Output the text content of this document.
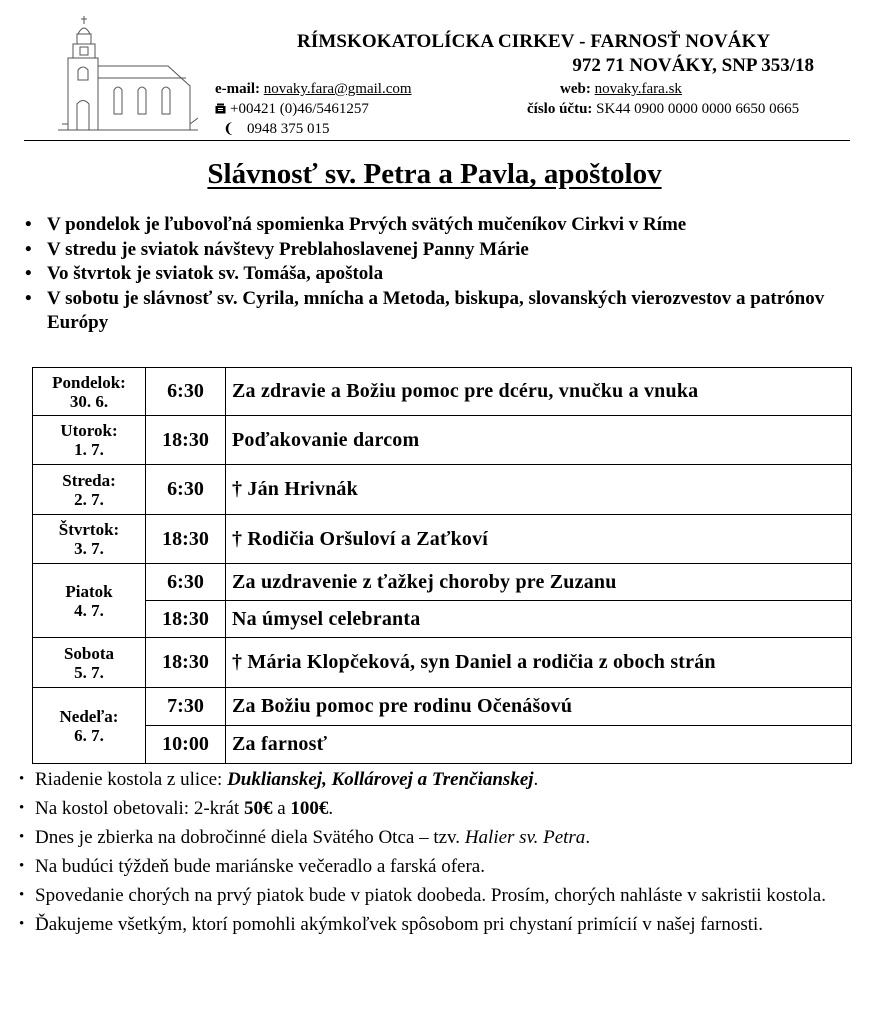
RÍMSKOKATOLÍCKA CIRKEV - FARNOSŤ NOVÁKY
972 71 NOVÁKY, SNP 353/18
e-mail: novaky.fara@gmail.com	web: novaky.fara.sk
+00421 (0)46/5461257	číslo účtu: SK44 0900 0000 0000 6650 0665
❨ 0948 375 015
Slávnosť sv. Petra a Pavla, apoštolov
• V pondelok je ľubovoľná spomienka Prvých svätých mučeníkov Cirkvi v Ríme
• V stredu je sviatok návštevy Preblahoslavenej Panny Márie
• Vo štvrtok je sviatok sv. Tomáša, apoštola
• V sobotu je slávnosť sv. Cyrila, mnícha a Metoda, biskupa, slovanských vierozvestov a patrónov Európy
Pondelok:
30. 6.	6:30	Za zdravie a Božiu pomoc pre dcéru, vnučku a vnuka
Utorok:
1. 7.	18:30	Poďakovanie darcom
Streda:
2. 7.	6:30	† Ján Hrivnák
Štvrtok:
3. 7.	18:30	† Rodičia Oršuloví a Zaťkoví
Piatok
4. 7.	6:30	Za uzdravenie z ťažkej choroby pre Zuzanu
	18:30	Na úmysel celebranta
Sobota
5. 7.	18:30	† Mária Klopčeková, syn Daniel a rodičia z oboch strán
Nedeľa:
6. 7.	7:30	Za Božiu pomoc pre rodinu Očenášovú
	10:00	Za farnosť
• Riadenie kostola z ulice: Duklianskej, Kollárovej a Trenčianskej.
• Na kostol obetovali: 2-krát 50€ a 100€.
• Dnes je zbierka na dobročinné diela Svätého Otca – tzv. Halier sv. Petra.
• Na budúci týždeň bude mariánske večeradlo a farská ofera.
• Spovedanie chorých na prvý piatok bude v piatok doobeda. Prosím, chorých nahláste v sakristii kostola.
• Ďakujeme všetkým, ktorí pomohli akýmkoľvek spôsobom pri chystaní primícií v našej farnosti.
